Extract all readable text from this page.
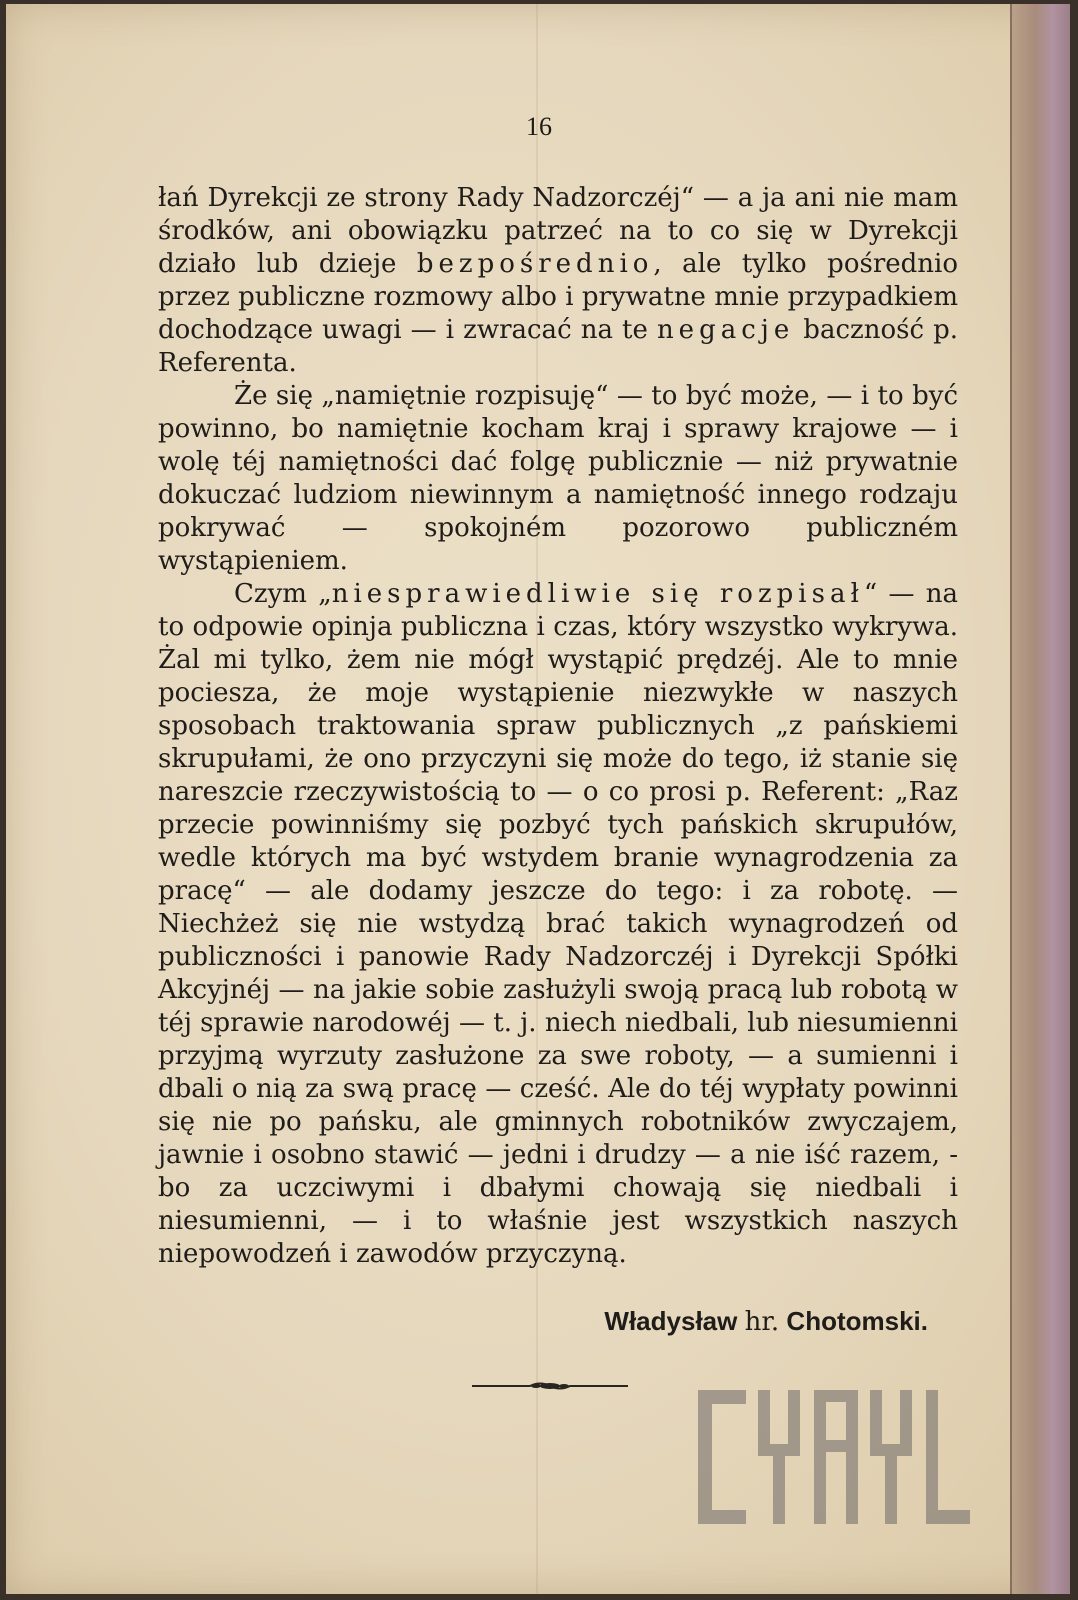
16

łań Dyrekcji ze strony Rady Nadzorczéj“ — a ja ani nie mam środków, ani obowiązku patrzeć na to co się w Dyrekcji działo lub dzieje bezpośrednio, ale tylko pośrednio przez publiczne rozmowy albo i prywatne mnie przypadkiem dochodzące uwagi — i zwracać na te negacje baczność p. Referenta.

Że się „namiętnie rozpisuję“ — to być może, — i to być powinno, bo namiętnie kocham kraj i sprawy krajowe — i wolę téj namiętności dać folgę publicznie — niż prywatnie dokuczać ludziom niewinnym a namiętność innego rodzaju pokrywać — spokojném pozorowo publiczném wystąpieniem.

Czym „niesprawiedliwie się rozpisał“ — na to odpowie opinja publiczna i czas, który wszystko wykrywa. Żal mi tylko, żem nie mógł wystąpić prędzéj. Ale to mnie pociesza, że moje wystąpienie niezwykłe w naszych sposobach traktowania spraw publicznych „z pańskiemi skrupułami, że ono przyczyni się może do tego, iż stanie się nareszcie rzeczywistością to — o co prosi p. Referent: „Raz przecie powinniśmy się pozbyć tych pańskich skrupułów, wedle których ma być wstydem branie wynagrodzenia za pracę“ — ale dodamy jeszcze do tego: i za robotę. — Niechżeż się nie wstydzą brać takich wynagrodzeń od publiczności i panowie Rady Nadzorczéj i Dyrekcji Spółki Akcyjnéj — na jakie sobie zasłużyli swoją pracą lub robotą w téj sprawie narodowéj — t. j. niech niedbali, lub niesumienni przyjmą wyrzuty zasłużone za swe roboty, — a sumienni i dbali o nią za swą pracę — cześć. Ale do téj wypłaty powinni się nie po pańsku, ale gminnych robotników zwyczajem, jawnie i osobno stawić — jedni i drudzy — a nie iść razem, - bo za uczciwymi i dbałymi chowają się niedbali i niesumienni, — i to właśnie jest wszystkich naszych niepowodzeń i zawodów przyczyną.

Władysław hr. Chotomski.
